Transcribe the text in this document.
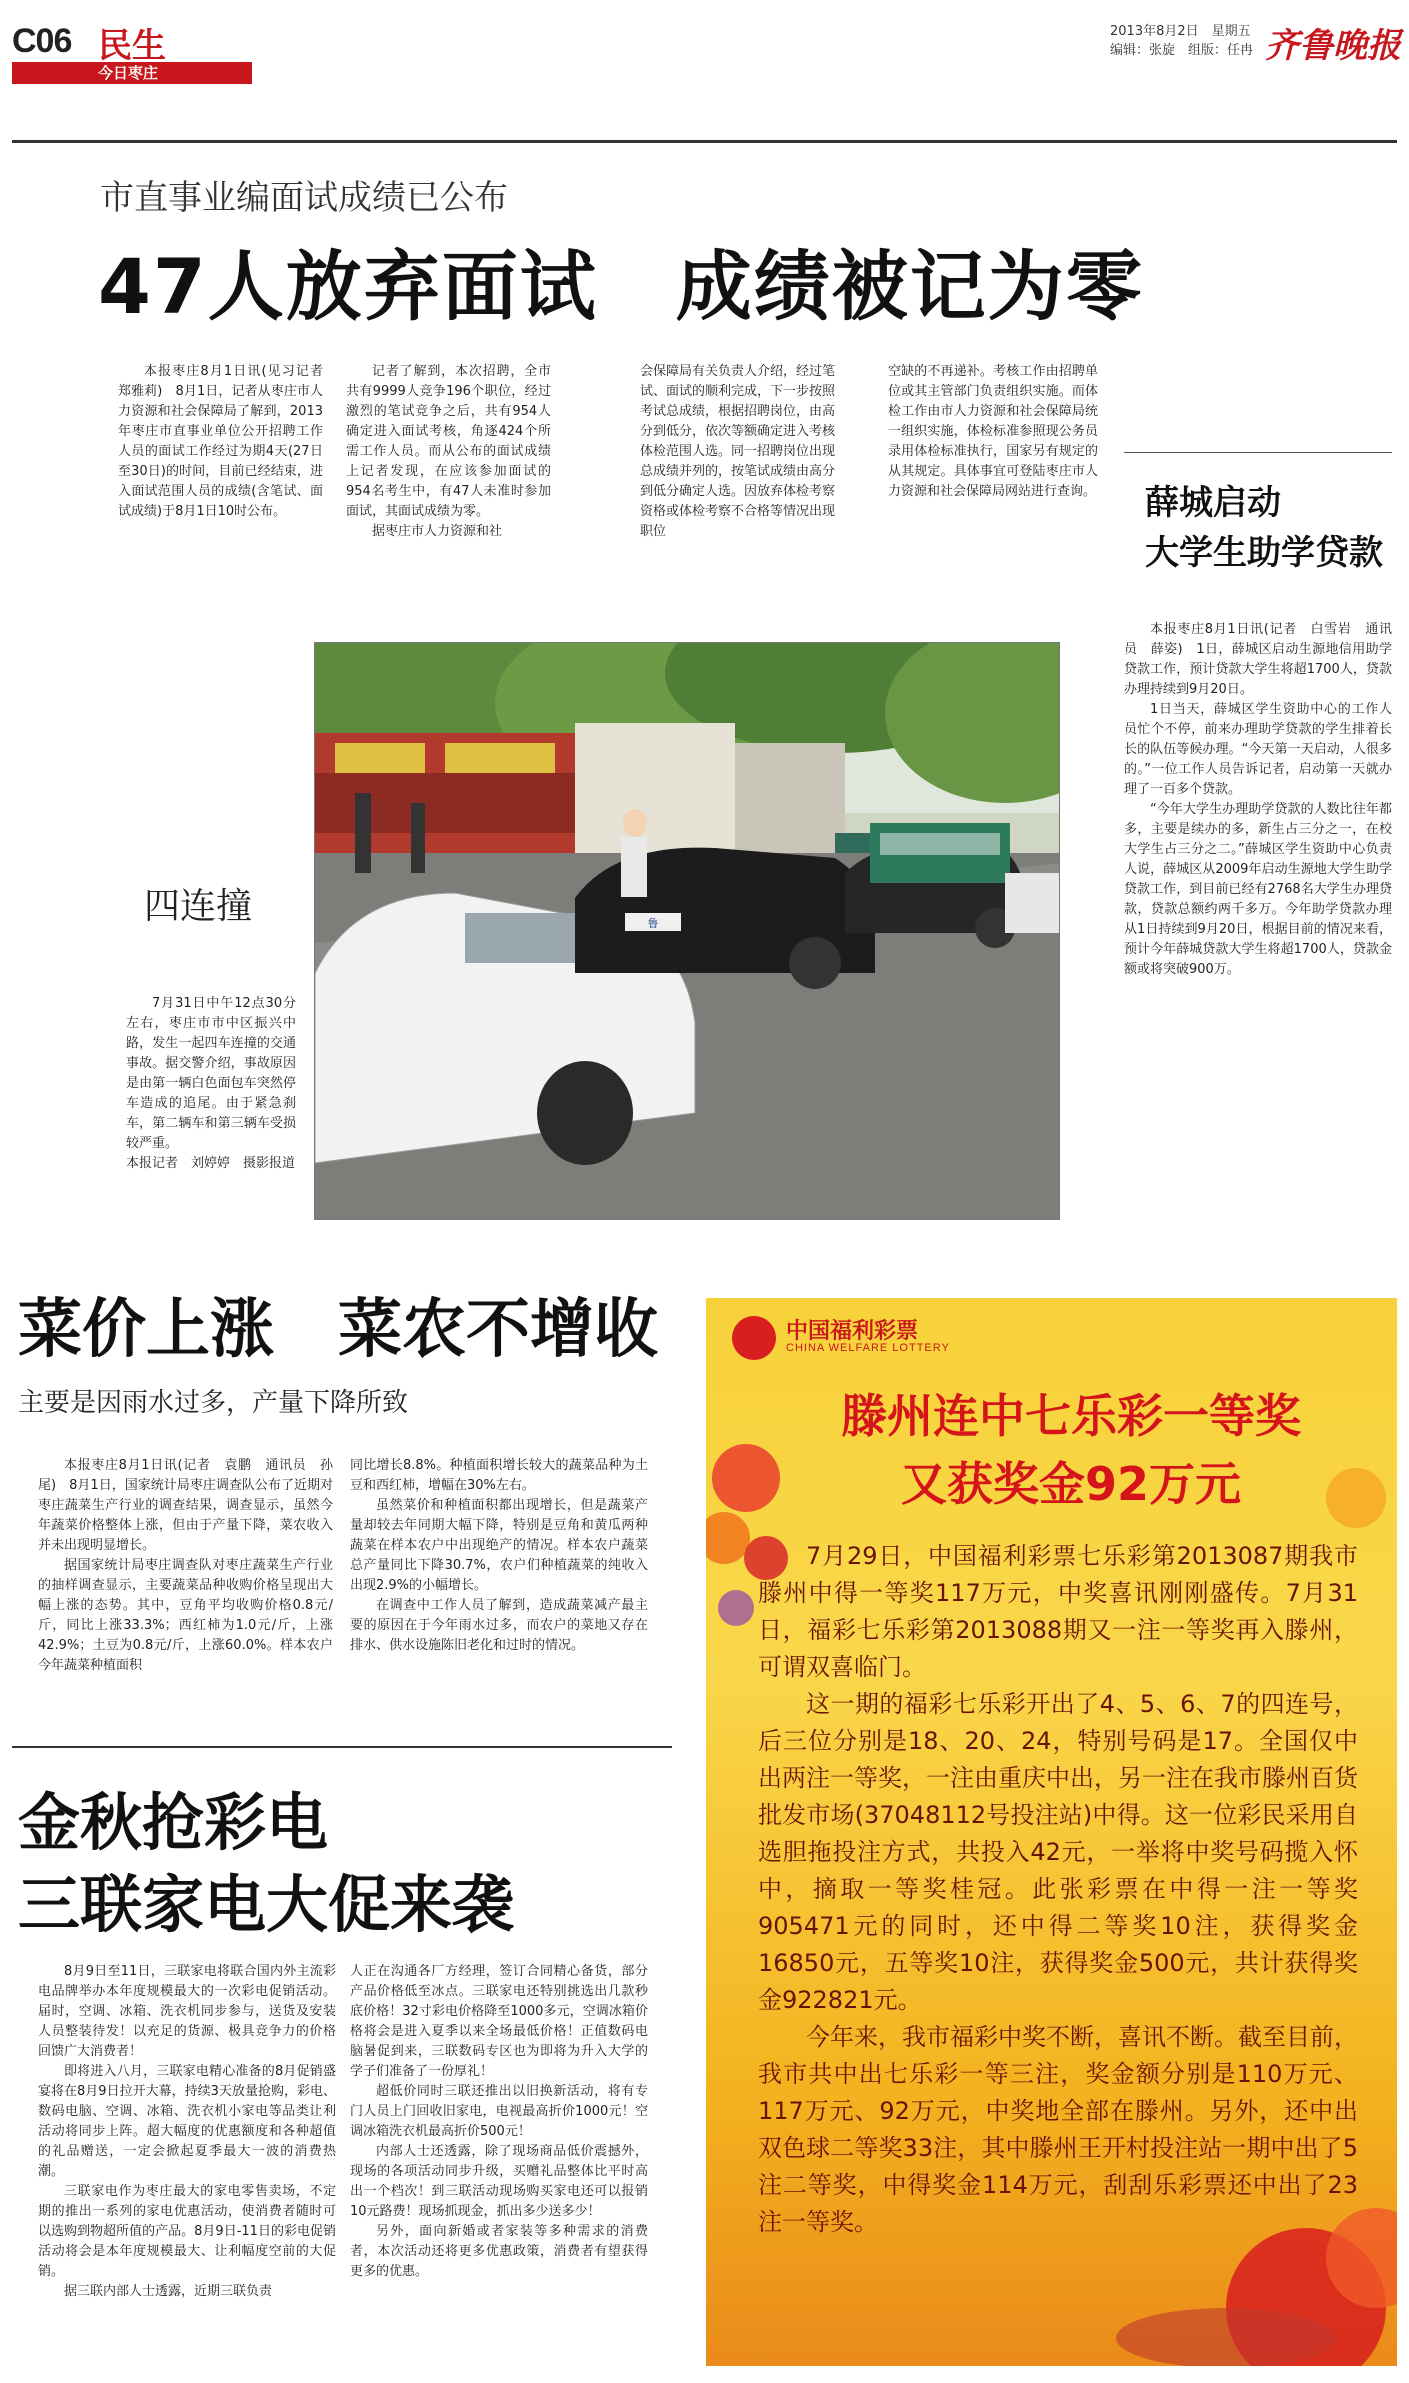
C06 民生
今日枣庄
2013年8月2日　星期五
编辑：张旋　组版：任冉 齐鲁晚报
市直事业编面试成绩已公布
47人放弃面试　成绩被记为零

本报枣庄8月1日讯(见习记者　郑雅莉)　8月1日，记者从枣庄市人力资源和社会保障局了解到，2013年枣庄市直事业单位公开招聘工作人员的面试工作经过为期4天(27日至30日)的时间，目前已经结束，进入面试范围人员的成绩(含笔试、面试成绩)于8月1日10时公布。

记者了解到，本次招聘，全市共有9999人竞争196个职位，经过激烈的笔试竞争之后，共有954人确定进入面试考核，角逐424个所需工作人员。而从公布的面试成绩上记者发现，在应该参加面试的954名考生中，有47人未准时参加面试，其面试成绩为零。

据枣庄市人力资源和社

会保障局有关负责人介绍，经过笔试、面试的顺利完成，下一步按照考试总成绩，根据招聘岗位，由高分到低分，依次等额确定进入考核体检范围人选。同一招聘岗位出现总成绩并列的，按笔试成绩由高分到低分确定人选。因放弃体检考察资格或体检考察不合格等情况出现职位

空缺的不再递补。考核工作由招聘单位或其主管部门负责组织实施。而体检工作由市人力资源和社会保障局统一组织实施，体检标准参照现公务员录用体检标准执行，国家另有规定的从其规定。具体事宜可登陆枣庄市人力资源和社会保障局网站进行查询。

鲁
四连撞

7月31日中午12点30分左右，枣庄市市中区振兴中路，发生一起四车连撞的交通事故。据交警介绍，事故原因是由第一辆白色面包车突然停车造成的追尾。由于紧急刹车，第二辆车和第三辆车受损较严重。

本报记者　刘婷婷　摄影报道

薛城启动
大学生助学贷款

本报枣庄8月1日讯(记者　白雪岩　通讯员　薛姿)　1日，薛城区启动生源地信用助学贷款工作，预计贷款大学生将超1700人，贷款办理持续到9月20日。

1日当天，薛城区学生资助中心的工作人员忙个不停，前来办理助学贷款的学生排着长长的队伍等候办理。“今天第一天启动，人很多的。”一位工作人员告诉记者，启动第一天就办理了一百多个贷款。

“今年大学生办理助学贷款的人数比往年都多，主要是续办的多，新生占三分之一，在校大学生占三分之二。”薛城区学生资助中心负责人说，薛城区从2009年启动生源地大学生助学贷款工作，到目前已经有2768名大学生办理贷款，贷款总额约两千多万。今年助学贷款办理从1日持续到9月20日，根据目前的情况来看，预计今年薛城贷款大学生将超1700人，贷款金额或将突破900万。

菜价上涨　菜农不增收
主要是因雨水过多，产量下降所致

本报枣庄8月1日讯(记者　袁鹏　通讯员　孙尾)　8月1日，国家统计局枣庄调查队公布了近期对枣庄蔬菜生产行业的调查结果，调查显示，虽然今年蔬菜价格整体上涨，但由于产量下降，菜农收入并未出现明显增长。

据国家统计局枣庄调查队对枣庄蔬菜生产行业的抽样调查显示，主要蔬菜品种收购价格呈现出大幅上涨的态势。其中，豆角平均收购价格0.8元/斤，同比上涨33.3%；西红柿为1.0元/斤，上涨42.9%；土豆为0.8元/斤，上涨60.0%。样本农户今年蔬菜种植面积

同比增长8.8%。种植面积增长较大的蔬菜品种为土豆和西红柿，增幅在30%左右。

虽然菜价和种植面积都出现增长，但是蔬菜产量却较去年同期大幅下降，特别是豆角和黄瓜两种蔬菜在样本农户中出现绝产的情况。样本农户蔬菜总产量同比下降30.7%，农户们种植蔬菜的纯收入出现2.9%的小幅增长。

在调查中工作人员了解到，造成蔬菜减产最主要的原因在于今年雨水过多，而农户的菜地又存在排水、供水设施陈旧老化和过时的情况。

金秋抢彩电
三联家电大促来袭

8月9日至11日，三联家电将联合国内外主流彩电品牌举办本年度规模最大的一次彩电促销活动。届时，空调、冰箱、洗衣机同步参与，送货及安装人员整装待发！以充足的货源、极具竞争力的价格回馈广大消费者！

即将进入八月，三联家电精心准备的8月促销盛宴将在8月9日拉开大幕，持续3天放量抢购，彩电、数码电脑、空调、冰箱、洗衣机小家电等品类让利活动将同步上阵。超大幅度的优惠额度和各种超值的礼品赠送，一定会掀起夏季最大一波的消费热潮。

三联家电作为枣庄最大的家电零售卖场，不定期的推出一系列的家电优惠活动，使消费者随时可以选购到物超所值的产品。8月9日-11日的彩电促销活动将会是本年度规模最大、让利幅度空前的大促销。

据三联内部人士透露，近期三联负责

人正在沟通各厂方经理，签订合同精心备货，部分产品价格低至冰点。三联家电还特别挑选出几款秒底价格！32寸彩电价格降至1000多元，空调冰箱价格将会是进入夏季以来全场最低价格！正值数码电脑暑促到来，三联数码专区也为即将为升入大学的学子们准备了一份厚礼！

超低价同时三联还推出以旧换新活动，将有专门人员上门回收旧家电，电视最高折价1000元！空调冰箱洗衣机最高折价500元！

内部人士还透露，除了现场商品低价震撼外，现场的各项活动同步升级，买赠礼品整体比平时高出一个档次！到三联活动现场购买家电还可以报销10元路费！现场抓现金，抓出多少送多少！

另外，面向新婚或者家装等多种需求的消费者，本次活动还将更多优惠政策，消费者有望获得更多的优惠。

中国福利彩票
CHINA WELFARE LOTTERY
滕州连中七乐彩一等奖
又获奖金92万元

7月29日，中国福利彩票七乐彩第2013087期我市滕州中得一等奖117万元，中奖喜讯刚刚盛传。7月31日，福彩七乐彩第2013088期又一注一等奖再入滕州，可谓双喜临门。

这一期的福彩七乐彩开出了4、5、6、7的四连号，后三位分别是18、20、24，特别号码是17。全国仅中出两注一等奖，一注由重庆中出，另一注在我市滕州百货批发市场(37048112号投注站)中得。这一位彩民采用自选胆拖投注方式，共投入42元，一举将中奖号码揽入怀中，摘取一等奖桂冠。此张彩票在中得一注一等奖905471元的同时，还中得二等奖10注，获得奖金16850元，五等奖10注，获得奖金500元，共计获得奖金922821元。

今年来，我市福彩中奖不断，喜讯不断。截至目前，我市共中出七乐彩一等三注，奖金额分别是110万元、117万元、92万元，中奖地全部在滕州。另外，还中出双色球二等奖33注，其中滕州王开村投注站一期中出了5注二等奖，中得奖金114万元，刮刮乐彩票还中出了23注一等奖。
